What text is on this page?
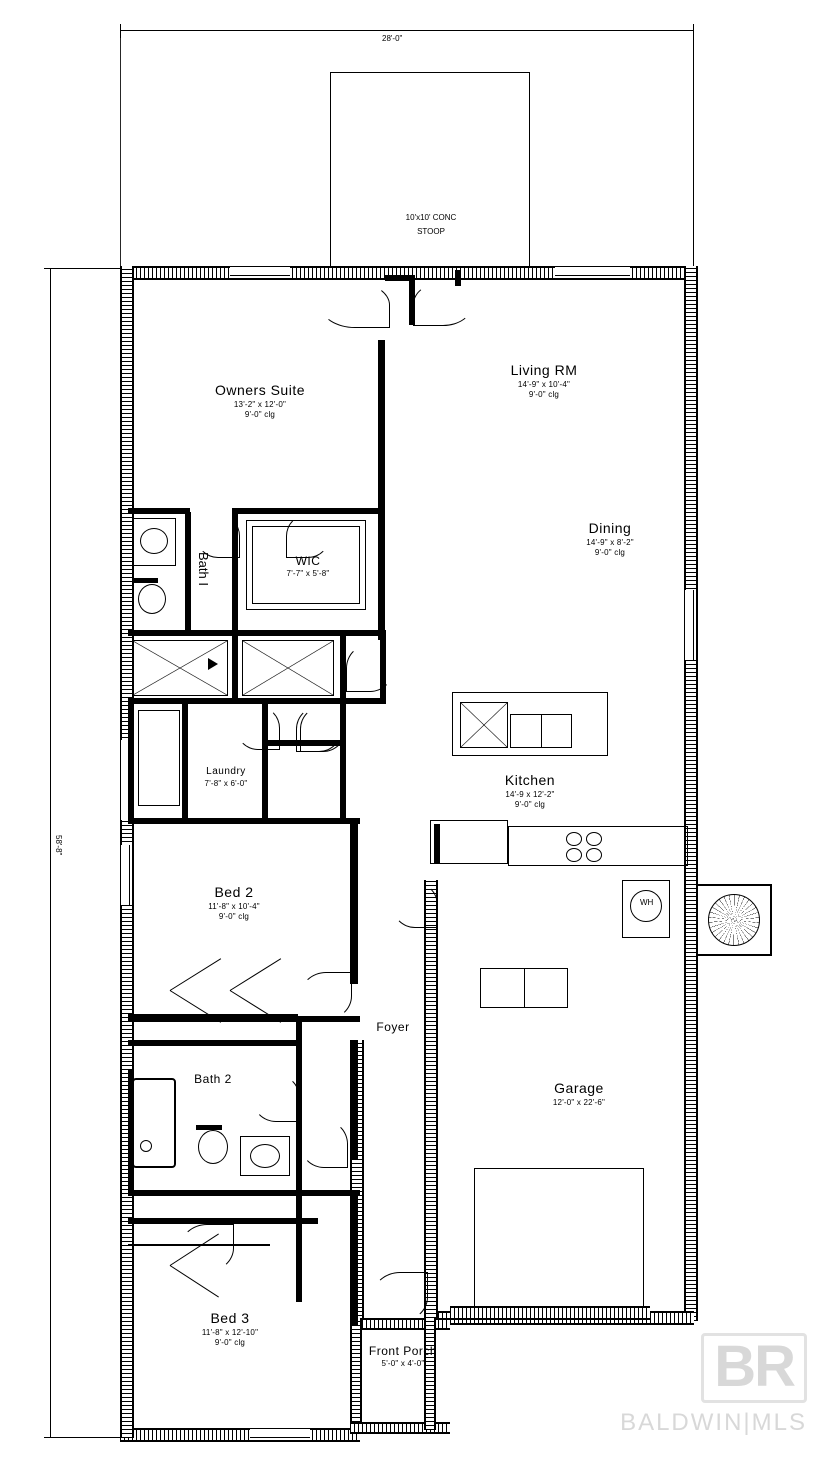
28'-0"
58'-8"
10'x10' CONC
STOOP
WH
Owners Suite
13'-2" x 12'-0"
9'-0" clg
Living RM
14'-9" x 10'-4"
9'-0" clg
Dining
14'-9" x 8'-2"
9'-0" clg
Kitchen
14'-9 x 12'-2"
9'-0" clg
WIC
7'-7" x 5'-8"
Bath I
Bath 2
Laundry
7'-8" x 6'-0"
Bed 2
11'-8" x 10'-4"
9'-0" clg
Bed 3
11'-8" x 12'-10"
9'-0" clg
Foyer
Garage
12'-0" x 22'-6"
Front Porch
5'-0" x 4'-0"	BR
BALDWIN|MLS
